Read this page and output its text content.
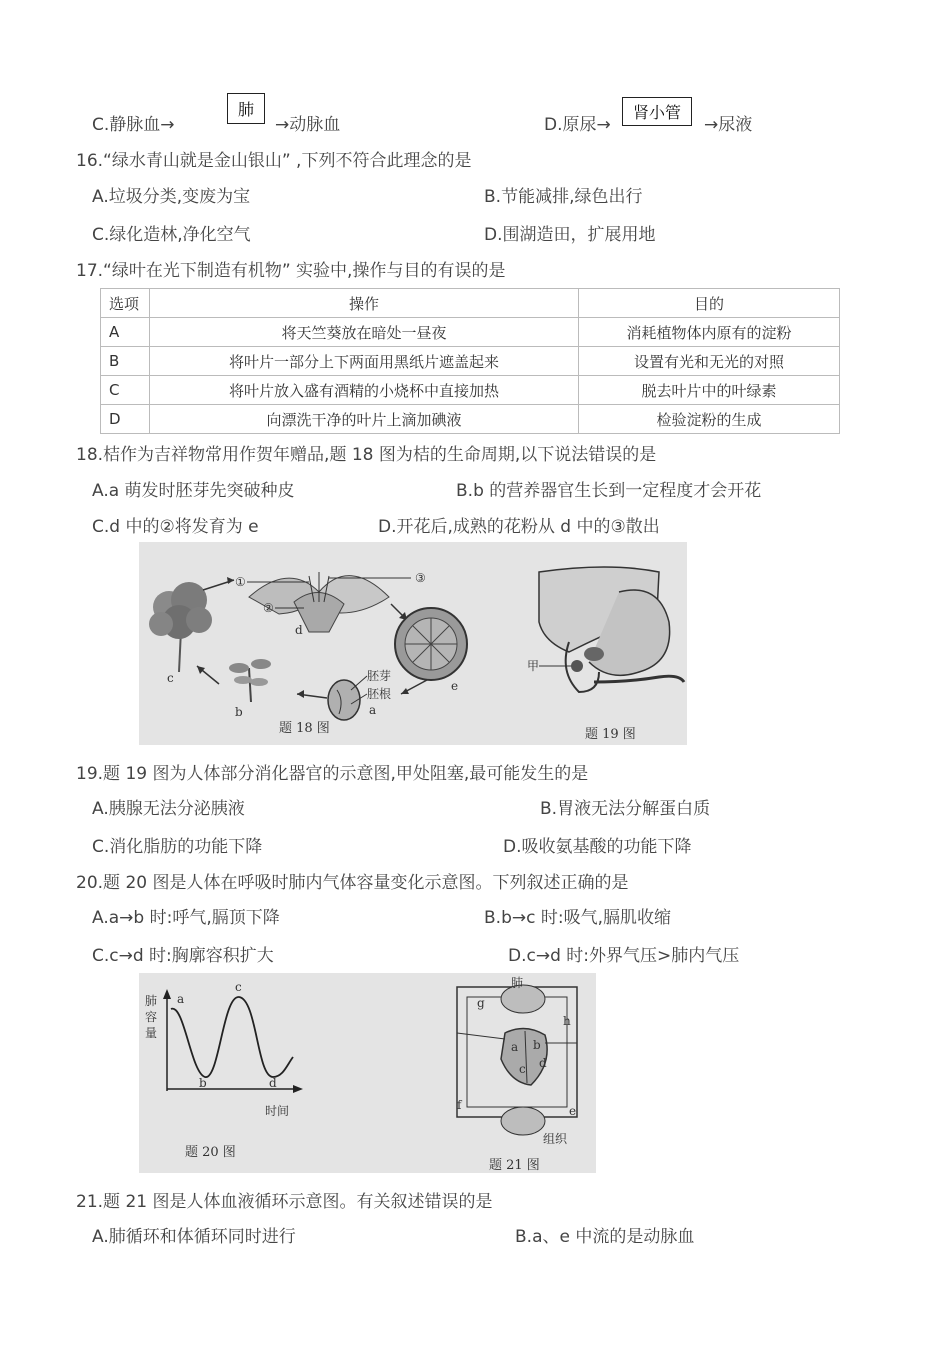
C.静脉血→
肺
→动脉血	D.原尿→
肾小管
→尿液
16.“绿水青山就是金山银山” ,下列不符合此理念的是
A.垃圾分类,变废为宝	B.节能减排,绿色出行
C.绿化造林,净化空气	D.围湖造田，扩展用地
17.“绿叶在光下制造有机物” 实验中,操作与目的有误的是
选项	操作	目的
A	将天竺葵放在暗处一昼夜	消耗植物体内原有的淀粉
B	将叶片一部分上下两面用黑纸片遮盖起来	设置有光和无光的对照
C	将叶片放入盛有酒精的小烧杯中直接加热	脱去叶片中的叶绿素
D	向漂洗干净的叶片上滴加碘液	检验淀粉的生成
18.桔作为吉祥物常用作贺年赠品,题 18 图为桔的生命周期,以下说法错误的是
A.a 萌发时胚芽先突破种皮	B.b 的营养器官生长到一定程度才会开花
C.d 中的②将发育为 e	D.开花后,成熟的花粉从 d 中的③散出
c
①
②
③
d
e
胚芽
胚根
a
b
题 18 图
甲
题 19 图
19.题 19 图为人体部分消化器官的示意图,甲处阻塞,最可能发生的是
A.胰腺无法分泌胰液	B.胃液无法分解蛋白质
C.消化脂肪的功能下降	D.吸收氨基酸的功能下降
20.题 20 图是人体在呼吸时肺内气体容量变化示意图。下列叙述正确的是
A.a→b 时:呼气,膈顶下降	B.b→c 时:吸气,膈肌收缩
C.c→d 时:胸廓容积扩大	D.c→d 时:外界气压>肺内气压
肺
容
量
时间
a
b
c
d
题 20 图
肺
组织
a b
c d
e
f
g
h
题 21 图
21.题 21 图是人体血液循环示意图。有关叙述错误的是
A.肺循环和体循环同时进行	B.a、e 中流的是动脉血
